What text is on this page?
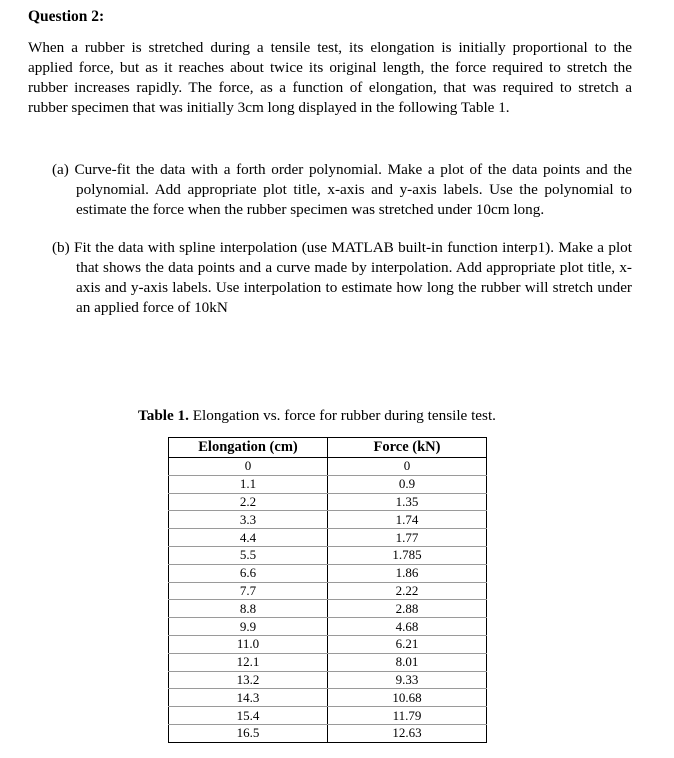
Question 2:
When a rubber is stretched during a tensile test, its elongation is initially proportional to the applied force, but as it reaches about twice its original length, the force required to stretch the rubber increases rapidly. The force, as a function of elongation, that was required to stretch a rubber specimen that was initially 3cm long displayed in the following Table 1.
(a) Curve-fit the data with a forth order polynomial. Make a plot of the data points and the polynomial. Add appropriate plot title, x-axis and y-axis labels. Use the polynomial to estimate the force when the rubber specimen was stretched under 10cm long.
(b) Fit the data with spline interpolation (use MATLAB built-in function interp1). Make a plot that shows the data points and a curve made by interpolation. Add appropriate plot title, x-axis and y-axis labels. Use interpolation to estimate how long the rubber will stretch under an applied force of 10kN
Table 1. Elongation vs. force for rubber during tensile test.
Elongation (cm)	Force (kN)
0	0
1.1	0.9
2.2	1.35
3.3	1.74
4.4	1.77
5.5	1.785
6.6	1.86
7.7	2.22
8.8	2.88
9.9	4.68
11.0	6.21
12.1	8.01
13.2	9.33
14.3	10.68
15.4	11.79
16.5	12.63
